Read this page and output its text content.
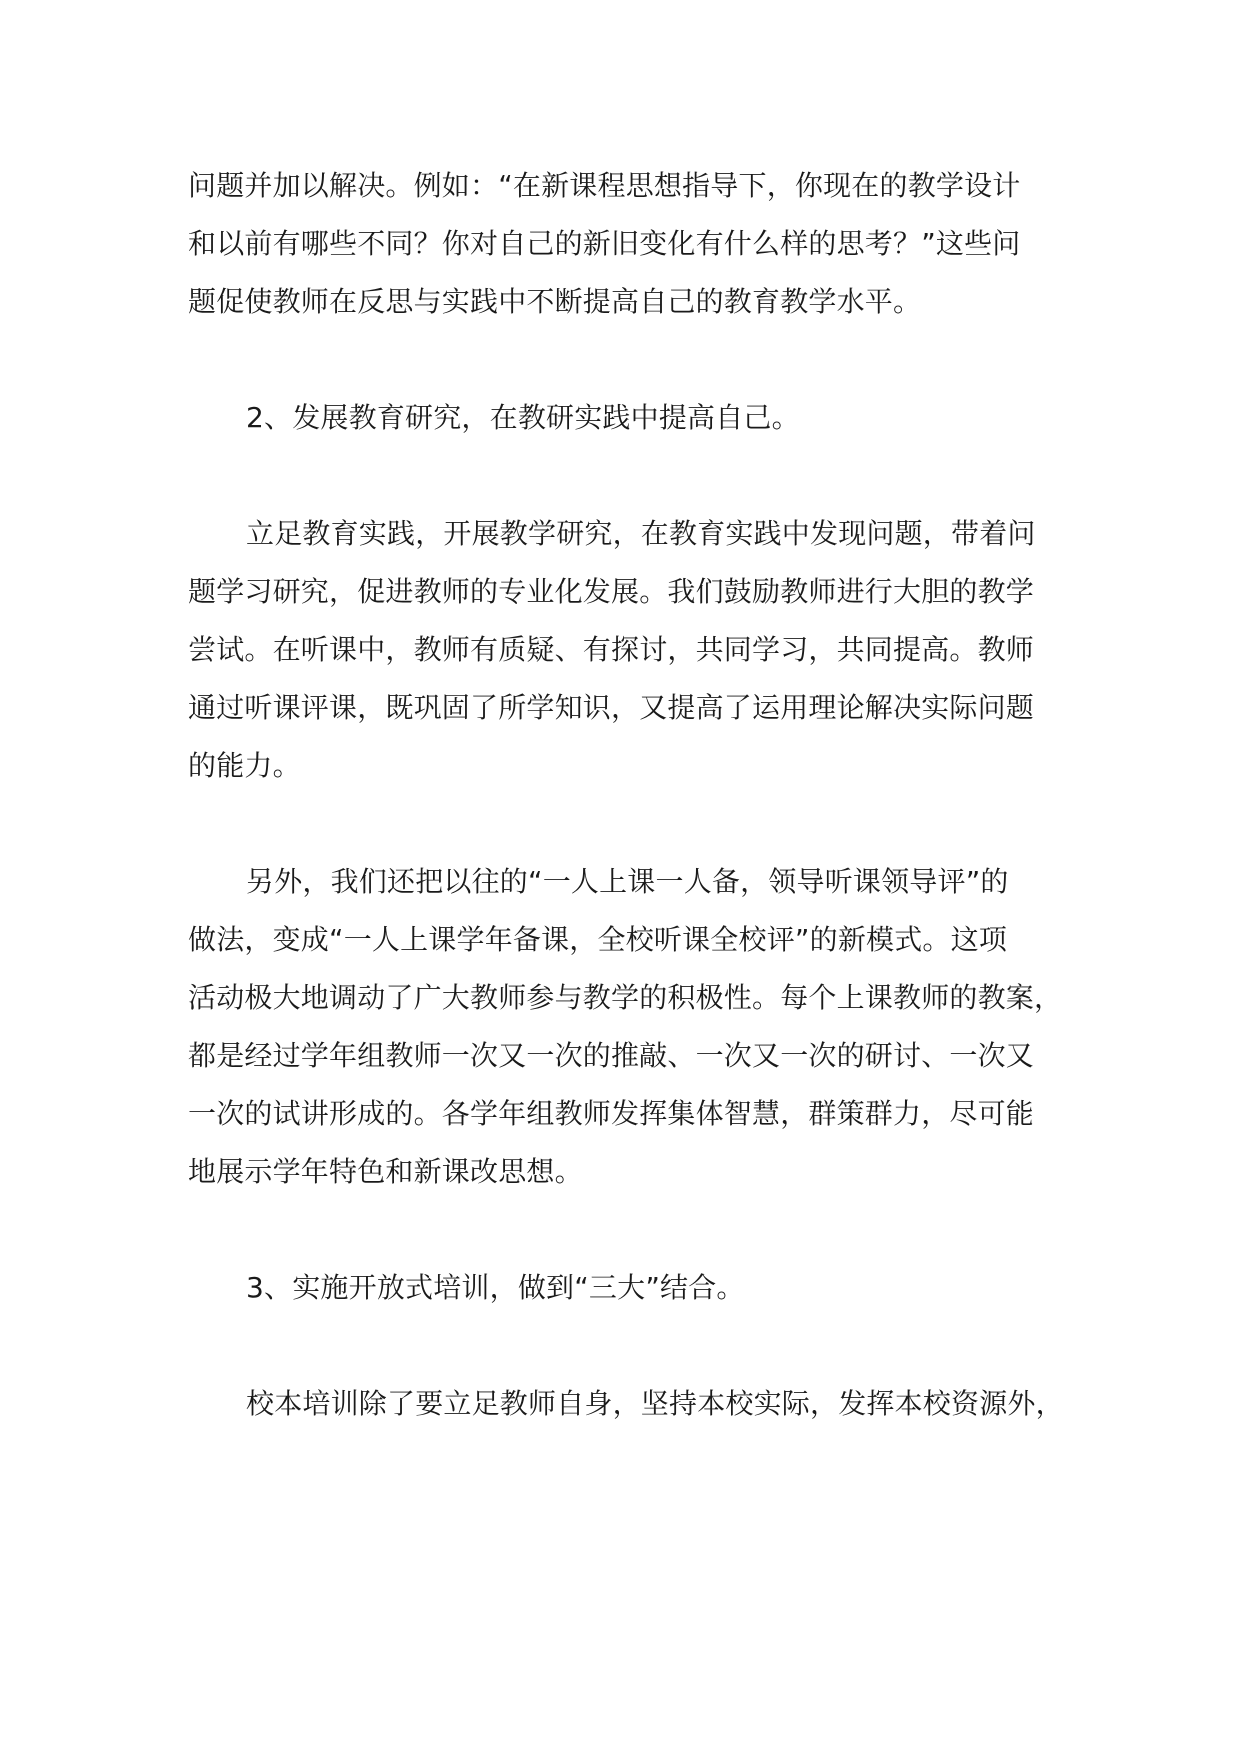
问题并加以解决。例如：“在新课程思想指导下，你现在的教学设计
和以前有哪些不同？你对自己的新旧变化有什么样的思考？”这些问
题促使教师在反思与实践中不断提高自己的教育教学水平。
2、发展教育研究，在教研实践中提高自己。
立足教育实践，开展教学研究，在教育实践中发现问题，带着问
题学习研究，促进教师的专业化发展。我们鼓励教师进行大胆的教学
尝试。在听课中，教师有质疑、有探讨，共同学习，共同提高。教师
通过听课评课，既巩固了所学知识，又提高了运用理论解决实际问题
的能力。
另外，我们还把以往的“一人上课一人备，领导听课领导评”的
做法，变成“一人上课学年备课，全校听课全校评”的新模式。这项
活动极大地调动了广大教师参与教学的积极性。每个上课教师的教案，
都是经过学年组教师一次又一次的推敲、一次又一次的研讨、一次又
一次的试讲形成的。各学年组教师发挥集体智慧，群策群力，尽可能
地展示学年特色和新课改思想。
3、实施开放式培训，做到“三大”结合。
校本培训除了要立足教师自身，坚持本校实际，发挥本校资源外，
